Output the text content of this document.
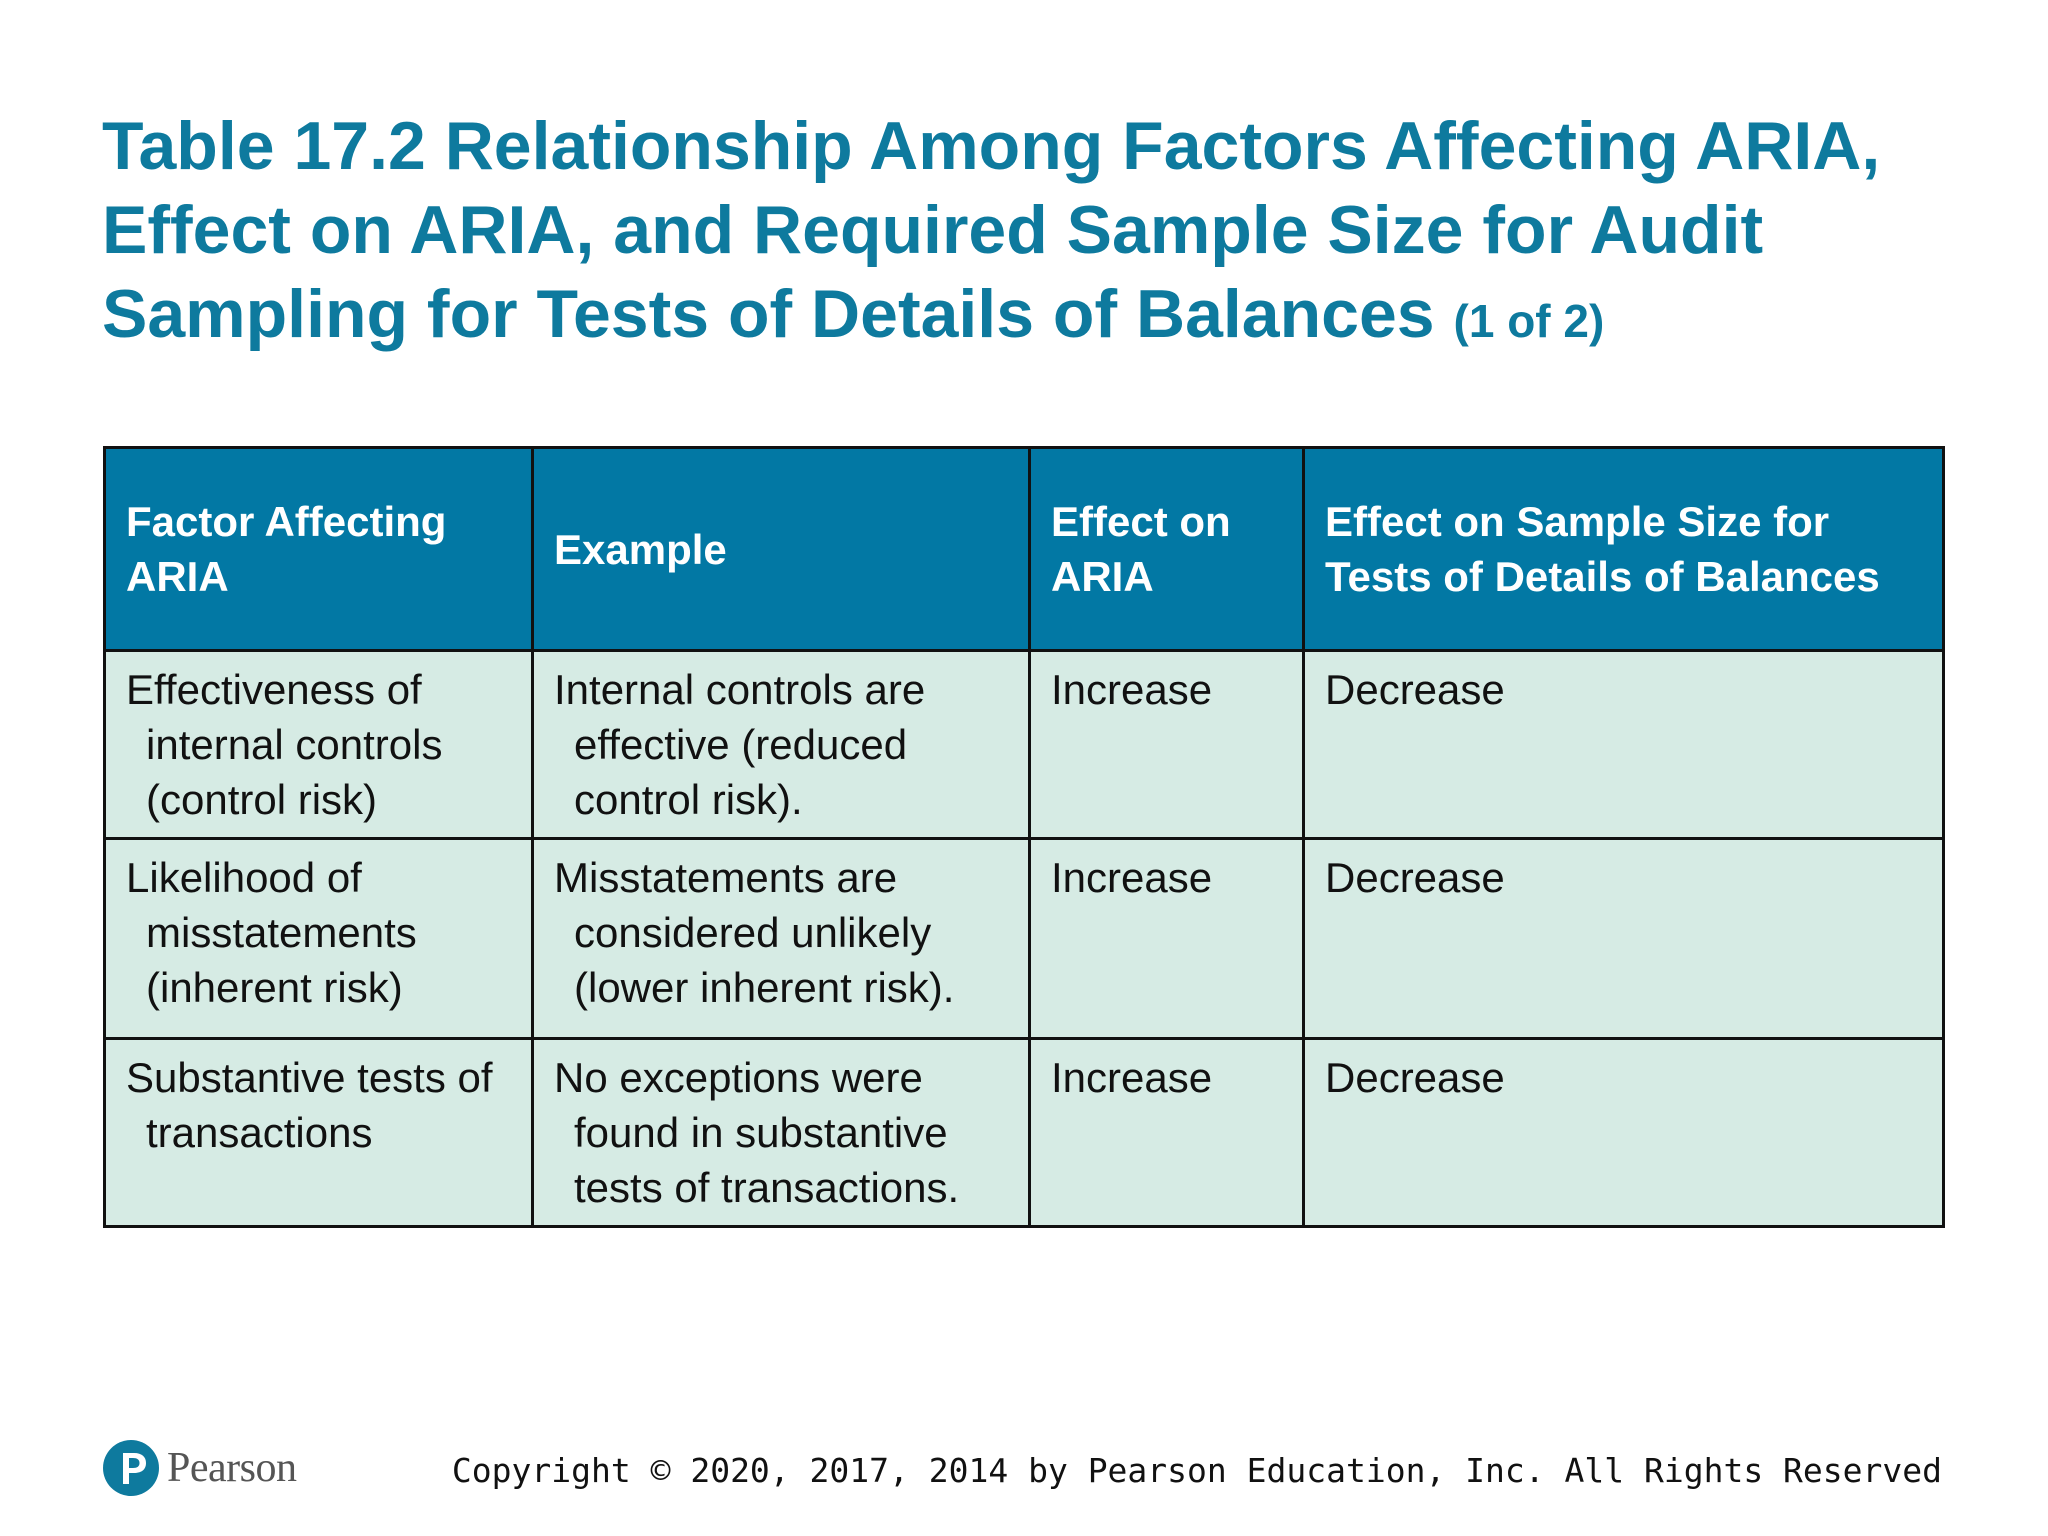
Table 17.2 Relationship Among Factors Affecting ARIA, Effect on ARIA, and Required Sample Size for Audit Sampling for Tests of Details of Balances (1 of 2)
Factor Affecting ARIA	Example	Effect on ARIA	Effect on Sample Size for Tests of Details of Balances

Effectiveness of internal controls (control risk)	Internal controls are effective (reduced control risk).	Increase	Decrease

Likelihood of misstatements (inherent risk)	Misstatements are considered unlikely (lower inherent risk).	Increase	Decrease

Substantive tests of transactions	No exceptions were found in substantive tests of transactions.	Increase	Decrease
Pearson	Copyright © 2020, 2017, 2014 by Pearson Education, Inc. All Rights Reserved
